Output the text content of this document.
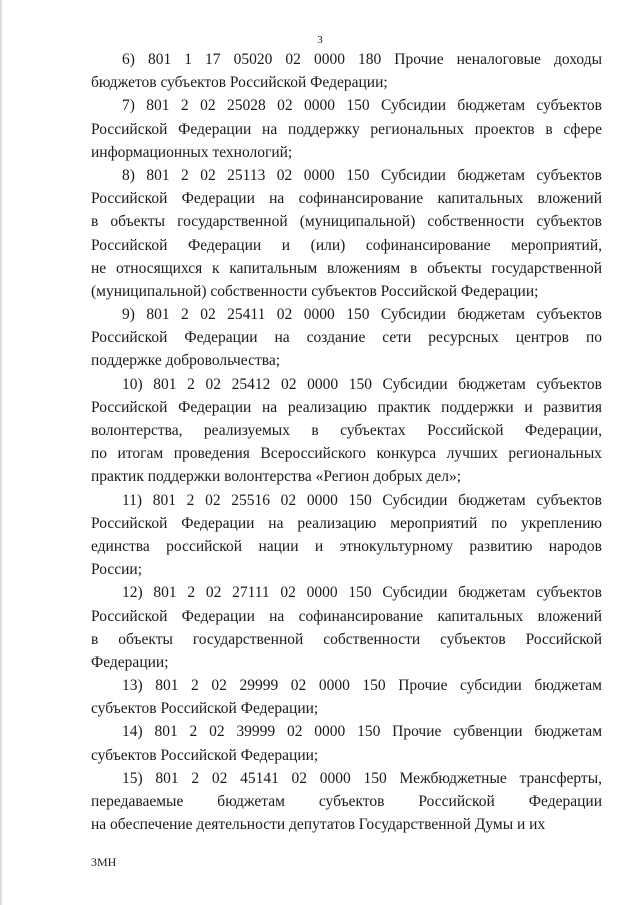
3
6) 801 1 17 05020 02 0000 180 Прочие неналоговые доходы
бюджетов субъектов Российской Федерации;
7) 801 2 02 25028 02 0000 150 Субсидии бюджетам субъектов
Российской Федерации на поддержку региональных проектов в сфере
информационных технологий;
8) 801 2 02 25113 02 0000 150 Субсидии бюджетам субъектов
Российской Федерации на софинансирование капитальных вложений
в объекты государственной (муниципальной) собственности субъектов
Российской Федерации и (или) софинансирование мероприятий,
не относящихся к капитальным вложениям в объекты государственной
(муниципальной) собственности субъектов Российской Федерации;
9) 801 2 02 25411 02 0000 150 Субсидии бюджетам субъектов
Российской Федерации на создание сети ресурсных центров по
поддержке добровольчества;
10) 801 2 02 25412 02 0000 150 Субсидии бюджетам субъектов
Российской Федерации на реализацию практик поддержки и развития
волонтерства, реализуемых в субъектах Российской Федерации,
по итогам проведения Всероссийского конкурса лучших региональных
практик поддержки волонтерства «Регион добрых дел»;
11) 801 2 02 25516 02 0000 150 Субсидии бюджетам субъектов
Российской Федерации на реализацию мероприятий по укреплению
единства российской нации и этнокультурному развитию народов
России;
12) 801 2 02 27111 02 0000 150 Субсидии бюджетам субъектов
Российской Федерации на софинансирование капитальных вложений
в объекты государственной собственности субъектов Российской
Федерации;
13) 801 2 02 29999 02 0000 150 Прочие субсидии бюджетам
субъектов Российской Федерации;
14) 801 2 02 39999 02 0000 150 Прочие субвенции бюджетам
субъектов Российской Федерации;
15) 801 2 02 45141 02 0000 150 Межбюджетные трансферты,
передаваемые бюджетам субъектов Российской Федерации
на обеспечение деятельности депутатов Государственной Думы и их
3МН
